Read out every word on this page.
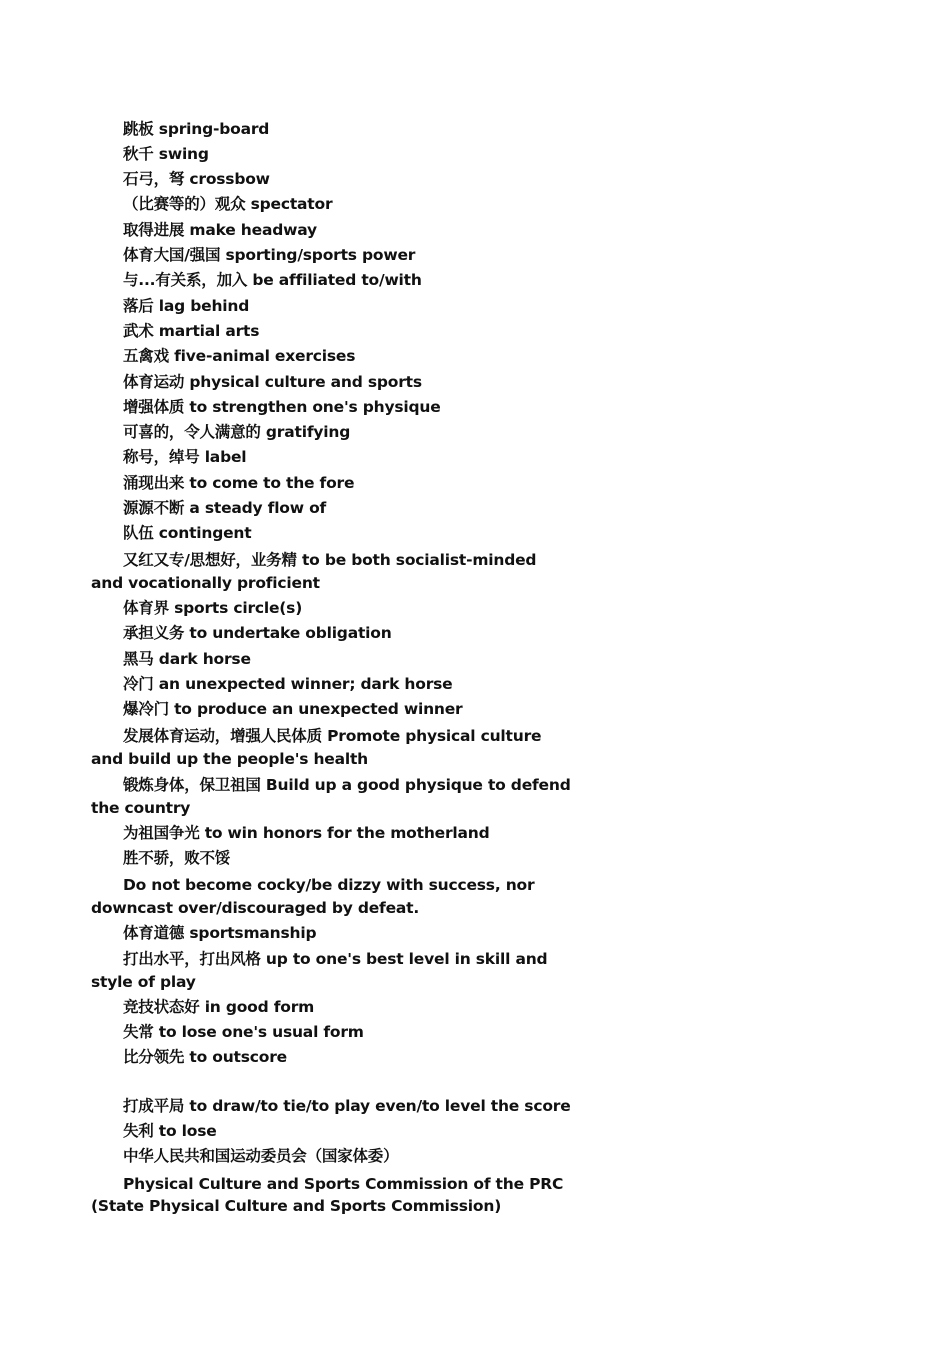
跳板 spring-board
秋千 swing
石弓，弩 crossbow
（比赛等的）观众 spectator
取得进展 make headway
体育大国/强国 sporting/sports power
与...有关系，加入 be affiliated to/with
落后 lag behind
武术 martial arts
五禽戏 five-animal exercises
体育运动 physical culture and sports
增强体质 to strengthen one's physique
可喜的，令人满意的 gratifying
称号，绰号 label
涌现出来 to come to the fore
源源不断 a steady flow of
队伍 contingent
又红又专/思想好，业务精 to be both socialist-minded
and vocationally proficient
体育界 sports circle(s)
承担义务 to undertake obligation
黑马 dark horse
冷门 an unexpected winner; dark horse
爆冷门 to produce an unexpected winner
发展体育运动，增强人民体质 Promote physical culture
and build up the people's health
锻炼身体，保卫祖国 Build up a good physique to defend
the country
为祖国争光 to win honors for the motherland
胜不骄，败不馁
Do not become cocky/be dizzy with success, nor
downcast over/discouraged by defeat.
体育道德 sportsmanship
打出水平，打出风格 up to one's best level in skill and
style of play
竞技状态好 in good form
失常 to lose one's usual form
比分领先 to outscore
打成平局 to draw/to tie/to play even/to level the score
失利 to lose
中华人民共和国运动委员会（国家体委）
Physical Culture and Sports Commission of the PRC
(State Physical Culture and Sports Commission)
